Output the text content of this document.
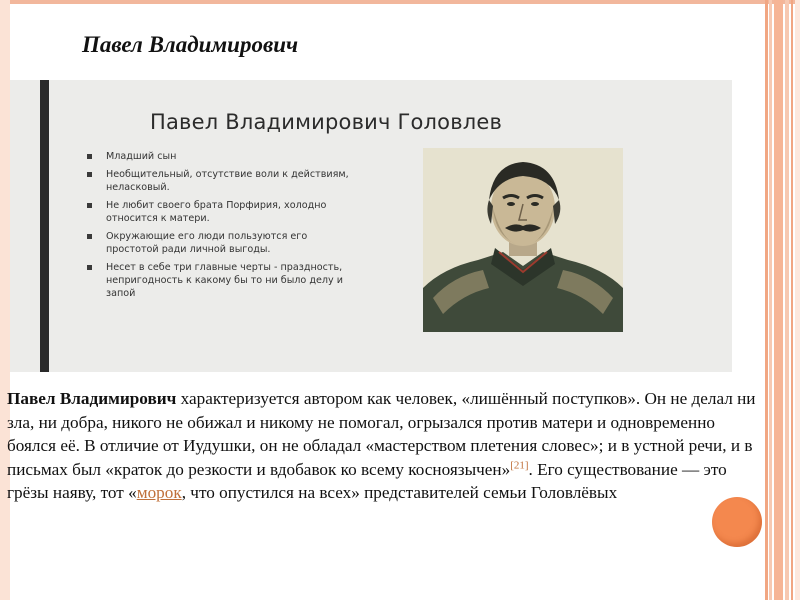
Павел Владимирович
Павел Владимирович Головлев
Младший сын
Необщительный, отсутствие воли к действиям, неласковый.
Не любит своего брата Порфирия, холодно относится к матери.
Окружающие его люди пользуются его простотой ради личной выгоды.
Несет в себе три главные черты - праздность, непригодность к какому бы то ни было делу и запой
Павел Владимирович характеризуется автором как человек, «лишённый поступков». Он не делал ни зла, ни добра, никого не обижал и никому не помогал, огрызался против матери и одновременно боялся её. В отличие от Иудушки, он не обладал «мастерством плетения словес»; и в устной речи, и в письмах был «краток до резкости и вдобавок ко всему косноязычен»[21]. Его существование — это грёзы наяву, тот «морок, что опустился на всех» представителей семьи Головлёвых
